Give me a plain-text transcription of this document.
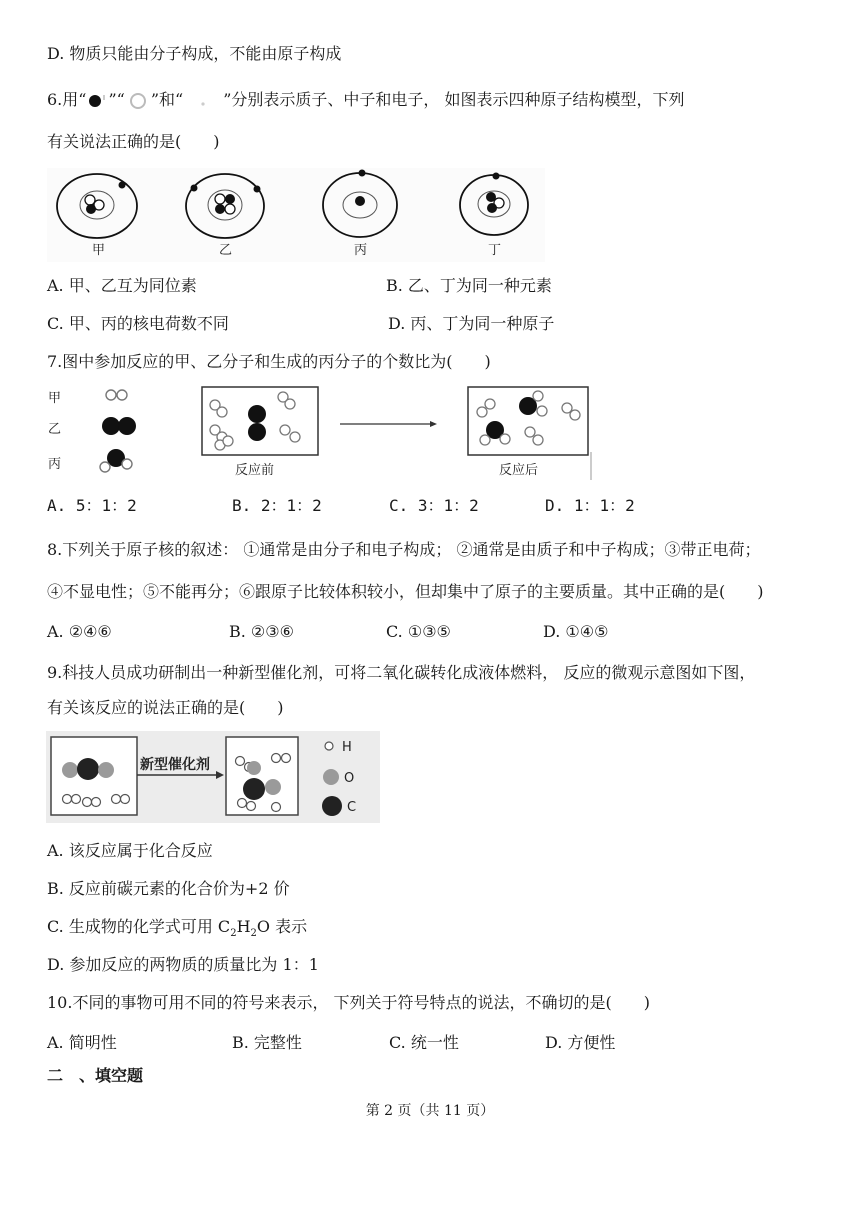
D. 物质只能由分子构成，不能由原子构成
6.用“ ”“ ”和“	”分别表示质子、中子和电子， 如图表示四种原子结构模型，下列
有关说法正确的是(　　)
甲	乙	丙	丁
A. 甲、乙互为同位素	B. 乙、丁为同一种元素
C. 甲、丙的核电荷数不同	D. 丙、丁为同一种原子
7.图中参加反应的甲、乙分子和生成的丙分子的个数比为(　　)
甲
乙
丙	反应前	反应后
A. 5：1：2	B. 2：1：2	C. 3：1：2	D. 1：1：2
8.下列关于原子核的叙述： ①通常是由分子和电子构成； ②通常是由质子和中子构成；③带正电荷；
④不显电性；⑤不能再分；⑥跟原子比较体积较小，但却集中了原子的主要质量。其中正确的是(　　)
A. ②④⑥	B. ②③⑥	C. ①③⑤	D. ①④⑤
9.科技人员成功研制出一种新型催化剂，可将二氧化碳转化成液体燃料， 反应的微观示意图如下图，
有关该反应的说法正确的是(　　)
新型催化剂
H
O
C
A. 该反应属于化合反应
B. 反应前碳元素的化合价为+2 价
C. 生成物的化学式可用 $C_2H_2O$ 表示
D. 参加反应的两物质的质量比为 1：1
10.不同的事物可用不同的符号来表示， 下列关于符号特点的说法，不确切的是(　　)
A. 简明性	B. 完整性	C. 统一性	D. 方便性
二　、填空题
第 2 页（共 11 页）
